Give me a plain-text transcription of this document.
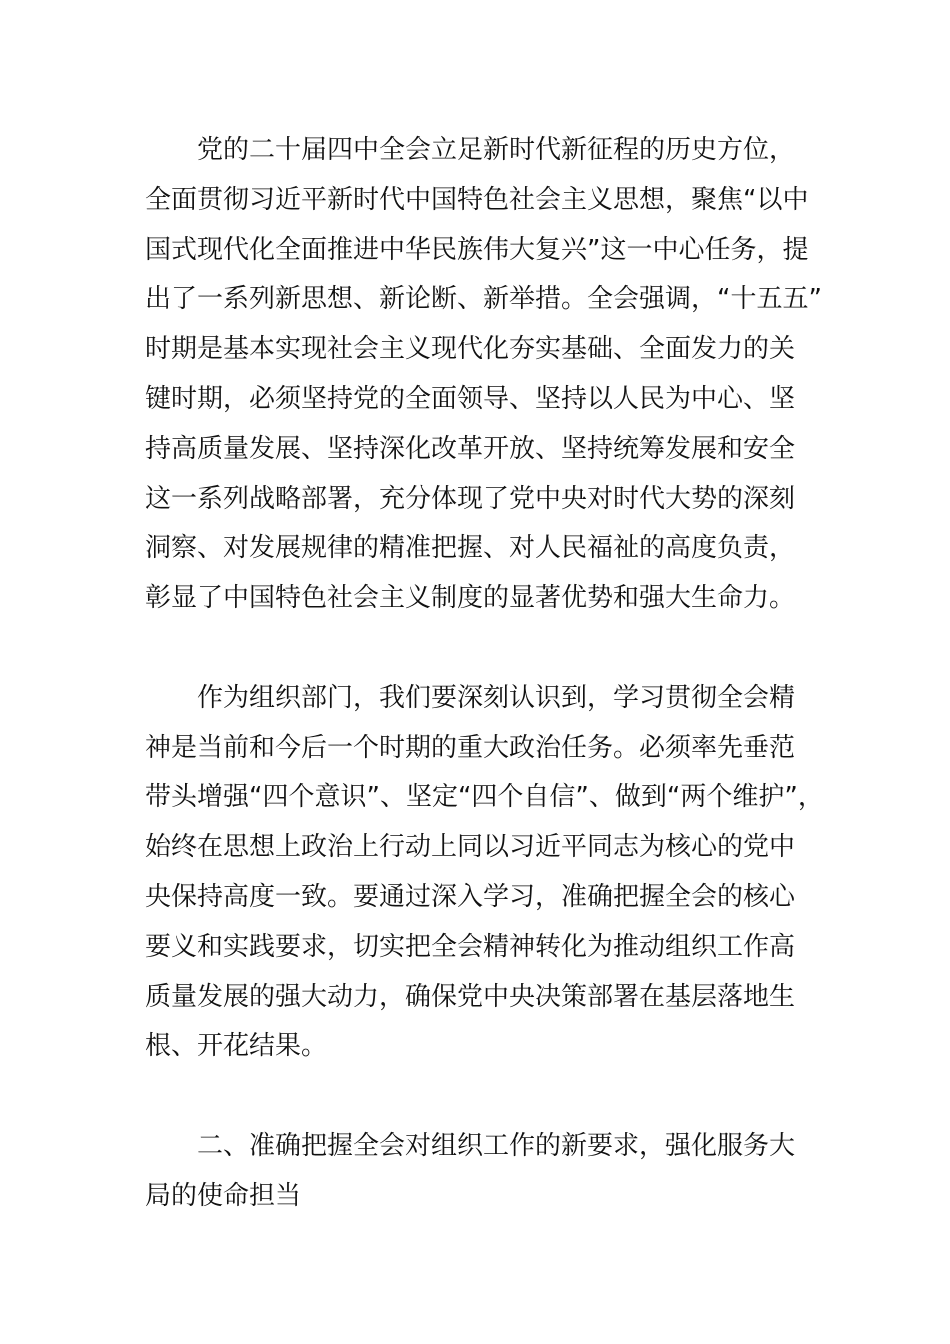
党的二十届四中全会立足新时代新征程的历史方位，
全面贯彻习近平新时代中国特色社会主义思想，聚焦“以中
国式现代化全面推进中华民族伟大复兴”这一中心任务，提
出了一系列新思想、新论断、新举措。全会强调，“十五五”
时期是基本实现社会主义现代化夯实基础、全面发力的关
键时期，必须坚持党的全面领导、坚持以人民为中心、坚
持高质量发展、坚持深化改革开放、坚持统筹发展和安全
这一系列战略部署，充分体现了党中央对时代大势的深刻
洞察、对发展规律的精准把握、对人民福祉的高度负责，
彰显了中国特色社会主义制度的显著优势和强大生命力。

作为组织部门，我们要深刻认识到，学习贯彻全会精
神是当前和今后一个时期的重大政治任务。必须率先垂范
带头增强“四个意识”、坚定“四个自信”、做到“两个维护”，
始终在思想上政治上行动上同以习近平同志为核心的党中
央保持高度一致。要通过深入学习，准确把握全会的核心
要义和实践要求，切实把全会精神转化为推动组织工作高
质量发展的强大动力，确保党中央决策部署在基层落地生
根、开花结果。

二、准确把握全会对组织工作的新要求，强化服务大
局的使命担当
